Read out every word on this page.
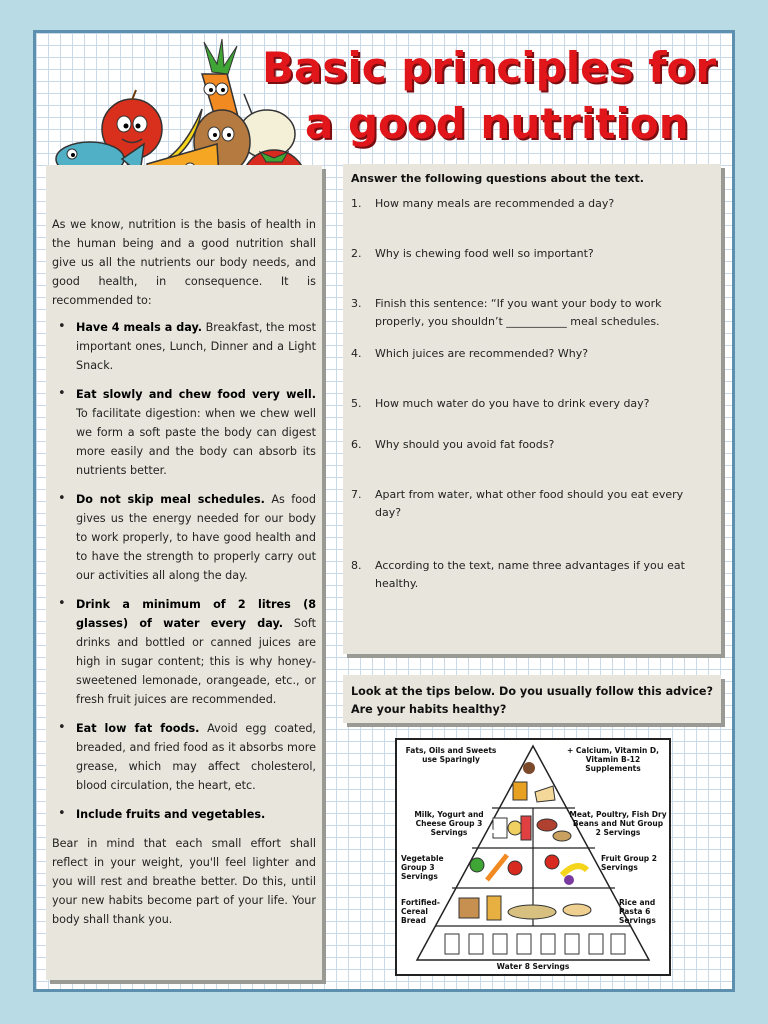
Basic principles for
a good nutrition

As we know, nutrition is the basis of health in the human being and a good nutrition shall give us all the nutrients our body needs, and good health, in consequence. It is recommended to:

• Have 4 meals a day. Breakfast, the most important ones, Lunch, Dinner and a Light Snack.
• Eat slowly and chew food very well. To facilitate digestion: when we chew well we form a soft paste the body can digest more easily and the body can absorb its nutrients better.
• Do not skip meal schedules. As food gives us the energy needed for our body to work properly, to have good health and to have the strength to properly carry out our activities all along the day.
• Drink a minimum of 2 litres (8 glasses) of water every day. Soft drinks and bottled or canned juices are high in sugar content; this is why honey-sweetened lemonade, orangeade, etc., or fresh fruit juices are recommended.
• Eat low fat foods. Avoid egg coated, breaded, and fried food as it absorbs more grease, which may affect cholesterol, blood circulation, the heart, etc.
• Include fruits and vegetables.

Bear in mind that each small effort shall reflect in your weight, you'll feel lighter and you will rest and breathe better. Do this, until your new habits become part of your life. Your body shall thank you.

Answer the following questions about the text.

1. How many meals are recommended a day?
2. Why is chewing food well so important?
3. Finish this sentence: “If you want your body to work properly, you shouldn’t ___________ meal schedules.
4. Which juices are recommended? Why?
5. How much water do you have to drink every day?
6. Why should you avoid fat foods?
7. Apart from water, what other food should you eat every day?
8. According to the text, name three advantages if you eat healthy.

Look at the tips below. Do you usually follow this advice? Are your habits healthy?

Fats, Oils and Sweets use Sparingly
+ Calcium, Vitamin D, Vitamin B-12 Supplements
Milk, Yogurt and Cheese Group 3 Servings
Meat, Poultry, Fish Dry Beans and Nut Group 2 Servings
Vegetable Group 3 Servings
Fruit Group 2 Servings
Fortified-Cereal Bread
Rice and Pasta 6 Servings
milk
Water 8 Servings
